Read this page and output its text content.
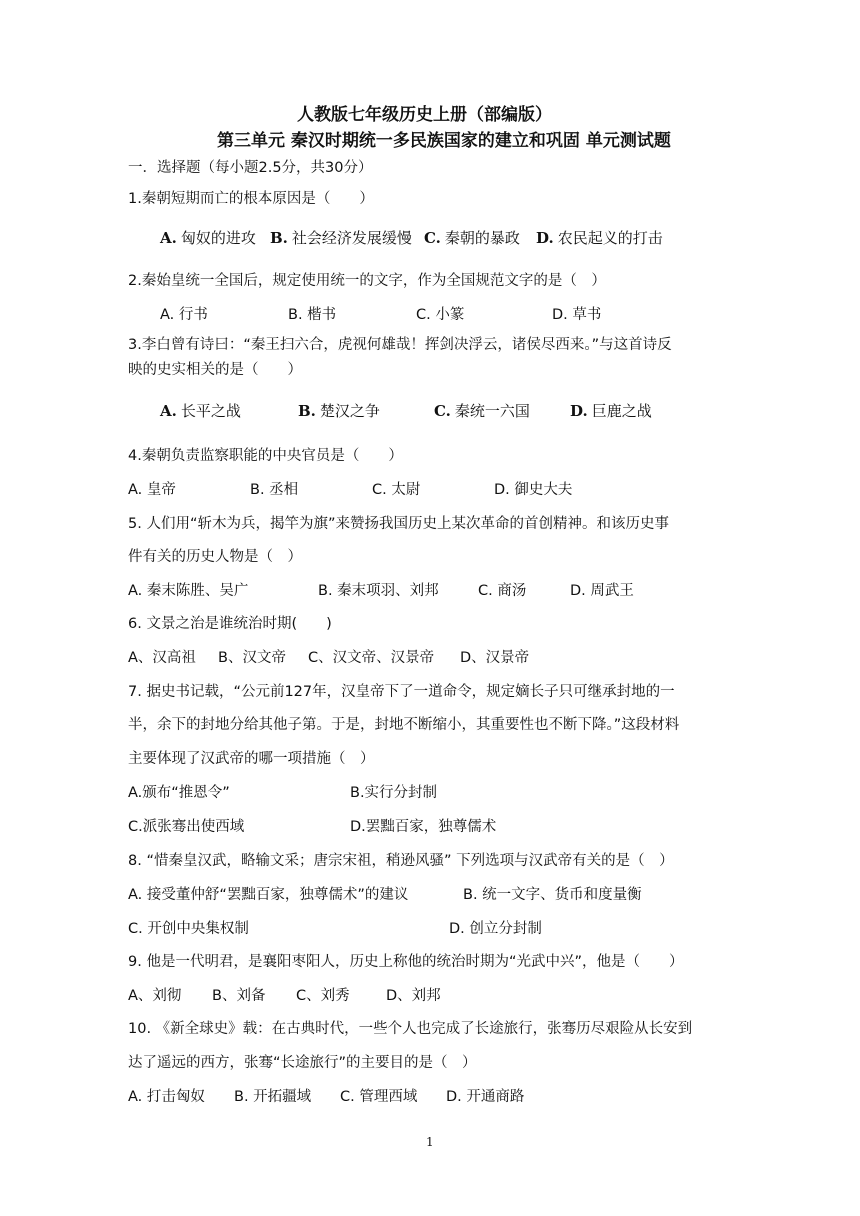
人教版七年级历史上册（部编版）
第三单元 秦汉时期统一多民族国家的建立和巩固 单元测试题
一．选择题（每小题2.5分，共30分）
1.秦朝短期而亡的根本原因是（　　）
A. 匈奴的进攻 B. 社会经济发展缓慢 C. 秦朝的暴政 D. 农民起义的打击
2.秦始皇统一全国后，规定使用统一的文字，作为全国规范文字的是（　）
A. 行书	B. 楷书	C. 小篆	D. 草书
3.李白曾有诗曰：“秦王扫六合，虎视何雄哉！挥剑决浮云，诸侯尽西来。”与这首诗反
映的史实相关的是（　　）
A. 长平之战	B. 楚汉之争	C. 秦统一六国	D. 巨鹿之战
4.秦朝负责监察职能的中央官员是（　　）
A. 皇帝	B. 丞相	C. 太尉	D. 御史大夫
5. 人们用“斩木为兵，揭竿为旗”来赞扬我国历史上某次革命的首创精神。和该历史事
件有关的历史人物是（　）
A. 秦末陈胜、吴广	B. 秦末项羽、刘邦	C. 商汤	D. 周武王
6. 文景之治是谁统治时期(　　)
A、汉高祖 B、汉文帝 C、汉文帝、汉景帝 D、汉景帝
7. 据史书记载，“公元前127年，汉皇帝下了一道命令，规定嫡长子只可继承封地的一
半，余下的封地分给其他子第。于是，封地不断缩小，其重要性也不断下降。”这段材料
主要体现了汉武帝的哪一项措施（　）
A.颁布“推恩令”	B.实行分封制
C.派张骞出使西域	D.罢黜百家，独尊儒术
8. “惜秦皇汉武，略输文采；唐宗宋祖，稍逊风骚” 下列选项与汉武帝有关的是（　）
A. 接受董仲舒“罢黜百家，独尊儒术”的建议	B. 统一文字、货币和度量衡
C. 开创中央集权制	D. 创立分封制
9. 他是一代明君，是襄阳枣阳人，历史上称他的统治时期为“光武中兴”，他是（　　）
A、刘彻 B、刘备 C、刘秀	D、刘邦
10. 《新全球史》载：在古典时代，一些个人也完成了长途旅行，张骞历尽艰险从长安到
达了遥远的西方，张骞“长途旅行”的主要目的是（　）
A. 打击匈奴 B. 开拓疆域 C. 管理西域 D. 开通商路
1
